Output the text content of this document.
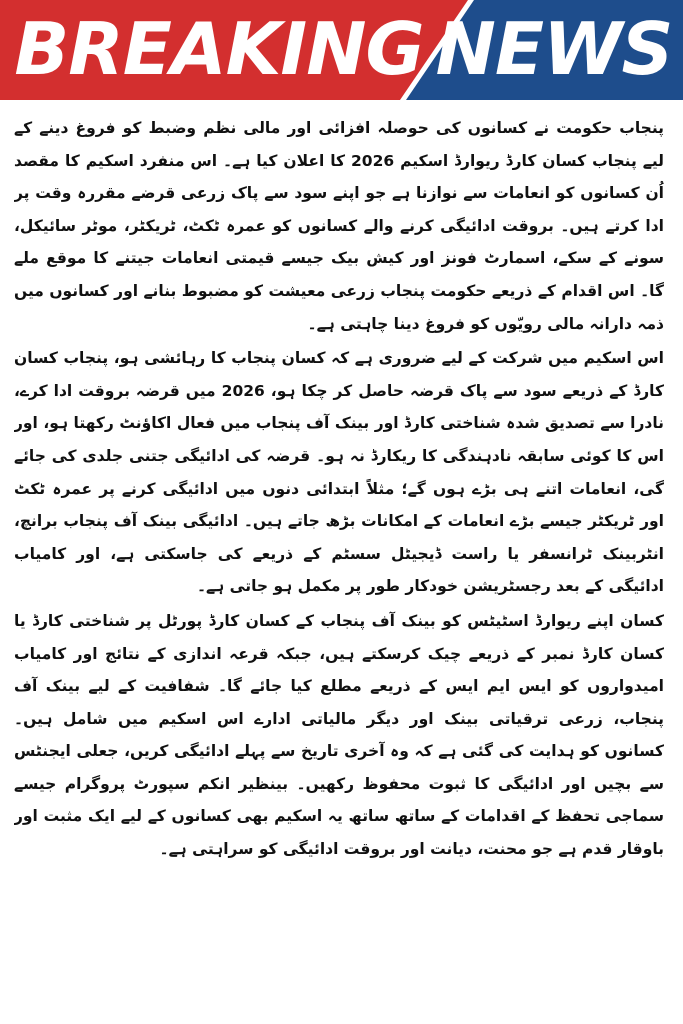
BREAKING NEWS

پنجاب حکومت نے کسانوں کی حوصلہ افزائی اور مالی نظم وضبط کو فروغ دینے کے لیے پنجاب کسان کارڈ ریوارڈ اسکیم 2026 کا اعلان کیا ہے۔ اس منفرد اسکیم کا مقصد اُن کسانوں کو انعامات سے نوازنا ہے جو اپنے سود سے پاک زرعی قرضے مقررہ وقت پر ادا کرتے ہیں۔ بروقت ادائیگی کرنے والے کسانوں کو عمرہ ٹکٹ، ٹریکٹر، موٹر سائیکل، سونے کے سکے، اسمارٹ فونز اور کیش بیک جیسے قیمتی انعامات جیتنے کا موقع ملے گا۔ اس اقدام کے ذریعے حکومت پنجاب زرعی معیشت کو مضبوط بنانے اور کسانوں میں ذمہ دارانہ مالی رویّوں کو فروغ دینا چاہتی ہے۔

اس اسکیم میں شرکت کے لیے ضروری ہے کہ کسان پنجاب کا رہائشی ہو، پنجاب کسان کارڈ کے ذریعے سود سے پاک قرضہ حاصل کر چکا ہو، 2026 میں قرضہ بروقت ادا کرے، نادرا سے تصدیق شدہ شناختی کارڈ اور بینک آف پنجاب میں فعال اکاؤنٹ رکھتا ہو، اور اس کا کوئی سابقہ نادہندگی کا ریکارڈ نہ ہو۔ قرضہ کی ادائیگی جتنی جلدی کی جائے گی، انعامات اتنے ہی بڑے ہوں گے؛ مثلاً ابتدائی دنوں میں ادائیگی کرنے پر عمرہ ٹکٹ اور ٹریکٹر جیسے بڑے انعامات کے امکانات بڑھ جاتے ہیں۔ ادائیگی بینک آف پنجاب برانچ، انٹربینک ٹرانسفر یا راست ڈیجیٹل سسٹم کے ذریعے کی جاسکتی ہے، اور کامیاب ادائیگی کے بعد رجسٹریشن خودکار طور پر مکمل ہو جاتی ہے۔

کسان اپنے ریوارڈ اسٹیٹس کو بینک آف پنجاب کے کسان کارڈ پورٹل پر شناختی کارڈ یا کسان کارڈ نمبر کے ذریعے چیک کرسکتے ہیں، جبکہ قرعہ اندازی کے نتائج اور کامیاب امیدواروں کو ایس ایم ایس کے ذریعے مطلع کیا جائے گا۔ شفافیت کے لیے بینک آف پنجاب، زرعی ترقیاتی بینک اور دیگر مالیاتی ادارے اس اسکیم میں شامل ہیں۔ کسانوں کو ہدایت کی گئی ہے کہ وہ آخری تاریخ سے پہلے ادائیگی کریں، جعلی ایجنٹس سے بچیں اور ادائیگی کا ثبوت محفوظ رکھیں۔ بینظیر انکم سپورٹ پروگرام جیسے سماجی تحفظ کے اقدامات کے ساتھ ساتھ یہ اسکیم بھی کسانوں کے لیے ایک مثبت اور باوقار قدم ہے جو محنت، دیانت اور بروقت ادائیگی کو سراہتی ہے۔
